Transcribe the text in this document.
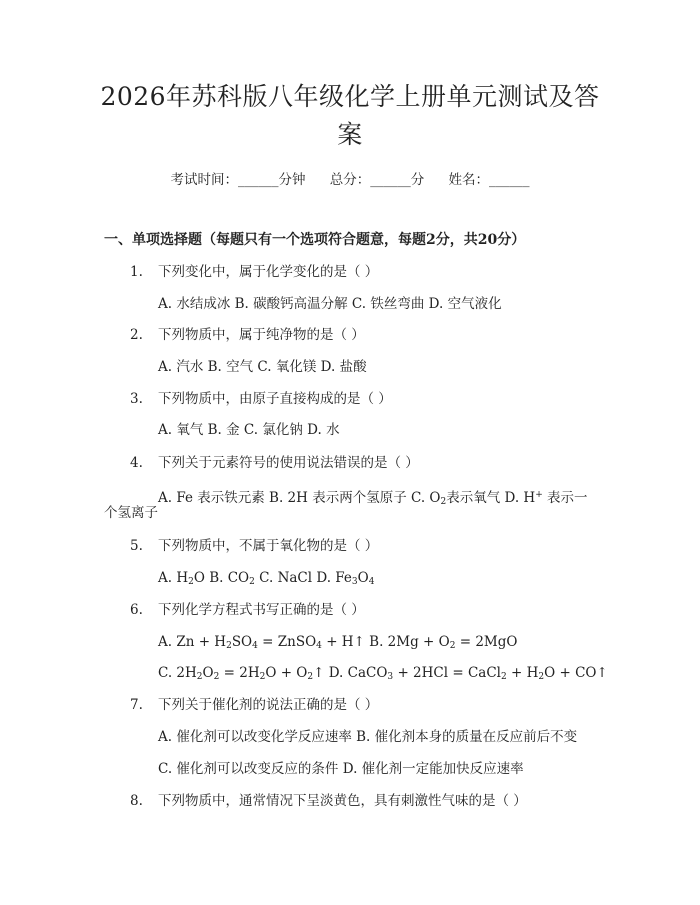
2026年苏科版八年级化学上册单元测试及答
案
考试时间：______分钟 总分：______分 姓名：______
一、单项选择题（每题只有一个选项符合题意，每题2分，共20分）
1. 下列变化中，属于化学变化的是（ ）
A. 水结成冰 B. 碳酸钙高温分解 C. 铁丝弯曲 D. 空气液化
2. 下列物质中，属于纯净物的是（ ）
A. 汽水 B. 空气 C. 氧化镁 D. 盐酸
3. 下列物质中，由原子直接构成的是（ ）
A. 氧气 B. 金 C. 氯化钠 D. 水
4. 下列关于元素符号的使用说法错误的是（ ）
A. Fe 表示铁元素 B. 2H 表示两个氢原子 C. $O_2$表示氧气 D. H+ 表示一
个氢离子
5. 下列物质中，不属于氧化物的是（ ）
A. $H_2O$ B. $CO_2$ C. NaCl D. $Fe_3O_4$
6. 下列化学方程式书写正确的是（ ）
A. $Zn + H_2SO_4$ = ZnSO$_4$ + H↑ B. $2Mg + O_2 = 2MgO$
C. $2H_2O_2 = 2H_2O$ + $O_2↑$ D. CaCO$_3$ + 2HCl = CaCl$_2$ + $H_2O$ + CO↑
7. 下列关于催化剂的说法正确的是（ ）
A. 催化剂可以改变化学反应速率 B. 催化剂本身的质量在反应前后不变
C. 催化剂可以改变反应的条件 D. 催化剂一定能加快反应速率
8. 下列物质中，通常情况下呈淡黄色，具有刺激性气味的是（ ）
